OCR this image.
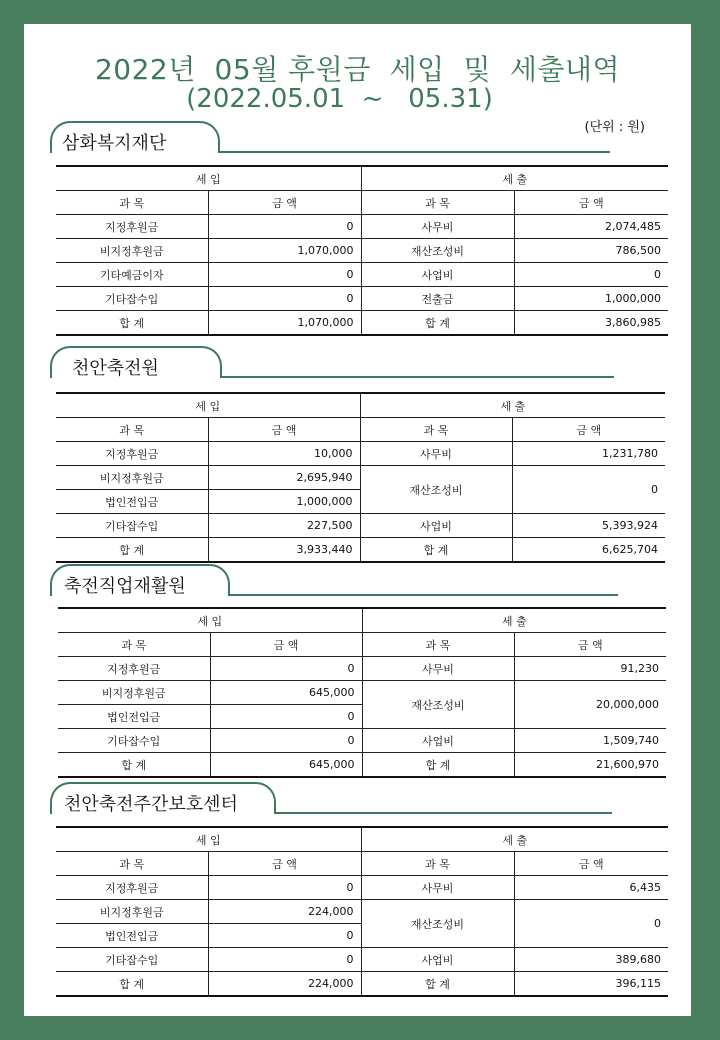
2022년  05월 후원금  세입  및  세출내역
(2022.05.01  ~   05.31)
(단위 : 원)
삼화복지재단
세 입		세 출	
과 목	금 액	과 목	금 액
지정후원금	0	사무비	2,074,485
비지정후원금	1,070,000	재산조성비	786,500
기타예금이자	0	사업비	0
기타잡수입	0	전출금	1,000,000
합 계	1,070,000	합 계	3,860,985
천안축전원
세 입		세 출	
과 목	금 액	과 목	금 액
지정후원금	10,000	사무비	1,231,780
비지정후원금	2,695,940	재산조성비	0
법인전입금	1,000,000		
기타잡수입	227,500	사업비	5,393,924
합 계	3,933,440	합 계	6,625,704
축전직업재활원
세 입		세 출	
과 목	금 액	과 목	금 액
지정후원금	0	사무비	91,230
비지정후원금	645,000	재산조성비	20,000,000
법인전입금	0		
기타잡수입	0	사업비	1,509,740
합 계	645,000	합 계	21,600,970
천안축전주간보호센터
세 입		세 출	
과 목	금 액	과 목	금 액
지정후원금	0	사무비	6,435
비지정후원금	224,000	재산조성비	0
법인전입금	0		
기타잡수입	0	사업비	389,680
합 계	224,000	합 계	396,115
